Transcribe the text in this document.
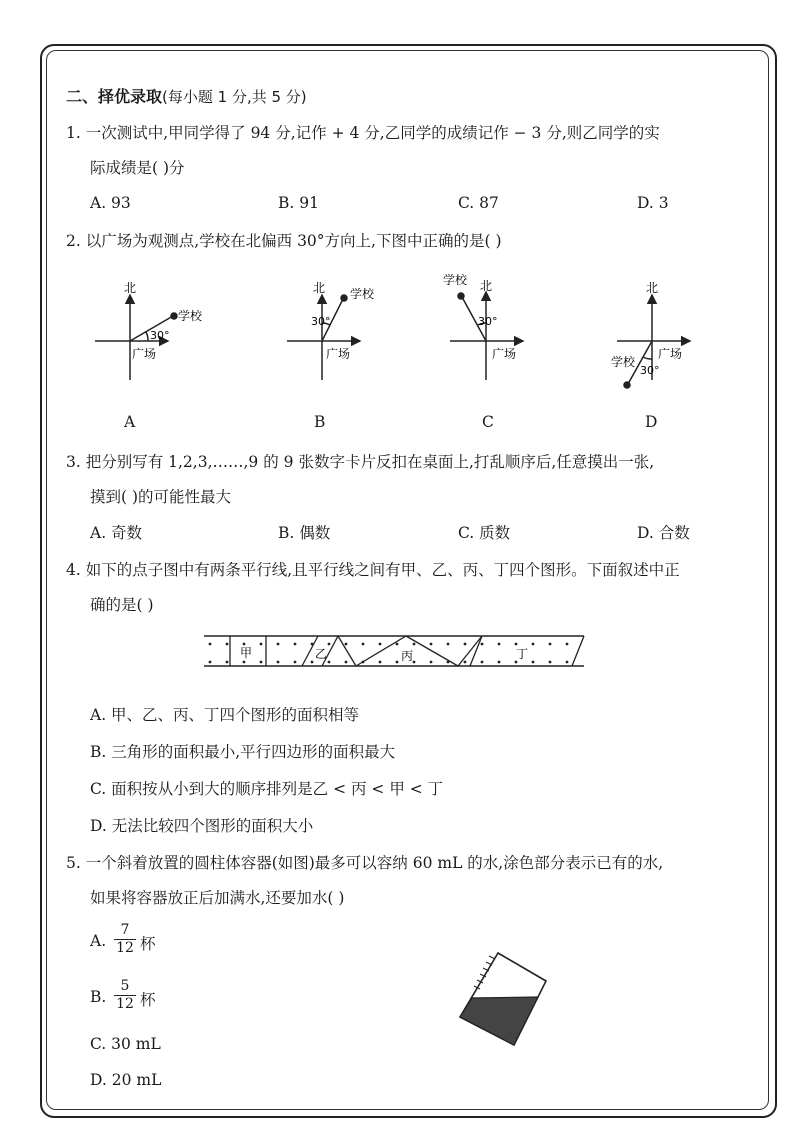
二、择优录取(每小题 1 分,共 5 分)
1. 一次测试中,甲同学得了 94 分,记作 + 4 分,乙同学的成绩记作 − 3 分,则乙同学的实
际成绩是( )分
A. 93	B. 91	C. 87	D. 3
2. 以广场为观测点,学校在北偏西 30°方向上,下图中正确的是( )
北
学校
30°
广场
北 学校
30°
广场
北
学校
30°
广场
北
学校
30°
广场
A	B	C	D
3. 把分别写有 1,2,3,……,9 的 9 张数字卡片反扣在桌面上,打乱顺序后,任意摸出一张,
摸到( )的可能性最大
A. 奇数	B. 偶数	C. 质数	D. 合数
4. 如下的点子图中有两条平行线,且平行线之间有甲、乙、丙、丁四个图形。下面叙述中正
确的是( )
甲	乙	丙	丁
A. 甲、乙、丙、丁四个图形的面积相等
B. 三角形的面积最小,平行四边形的面积最大
C. 面积按从小到大的顺序排列是乙 < 丙 < 甲 < 丁
D. 无法比较四个图形的面积大小
5. 一个斜着放置的圆柱体容器(如图)最多可以容纳 60 mL 的水,涂色部分表示已有的水,
如果将容器放正后加满水,还要加水( )
A. $\frac{7}{12}$ 杯
B. $\frac{5}{12}$ 杯
C. 30 mL
D. 20 mL
